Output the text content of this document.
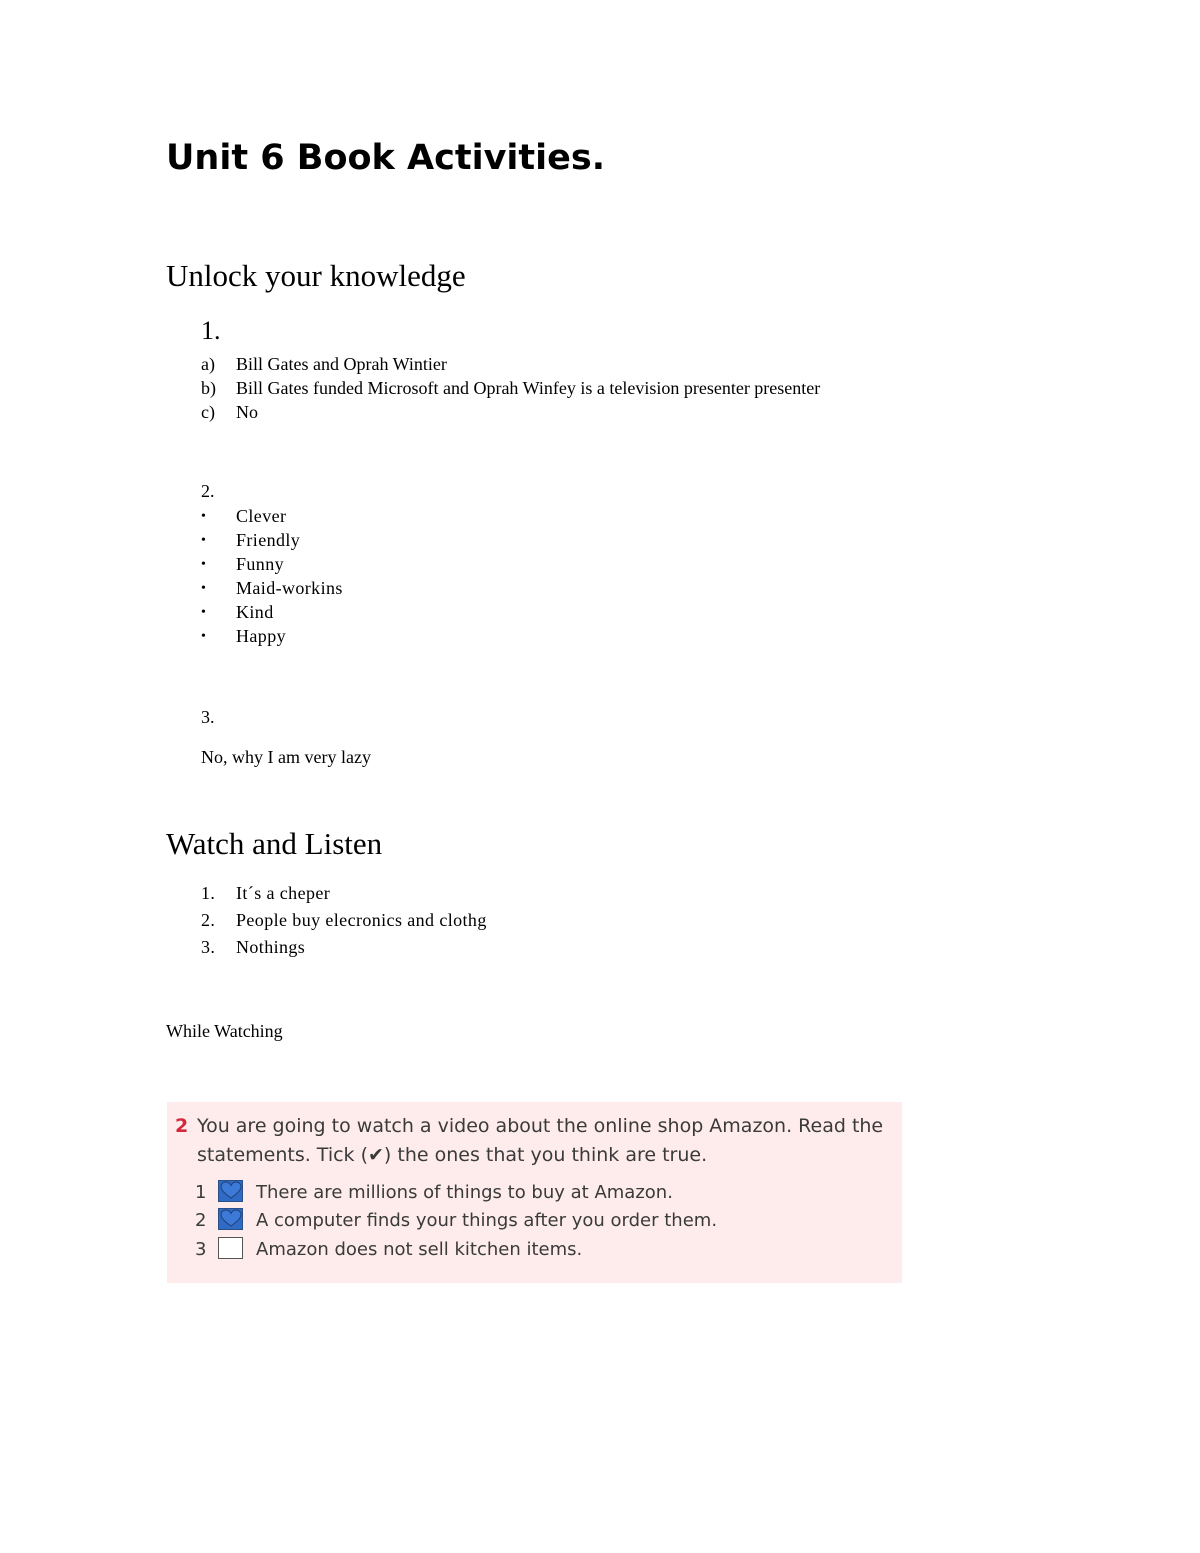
Unit 6 Book Activities.
Unlock your knowledge
1.
a) Bill Gates and Oprah Wintier
b) Bill Gates funded Microsoft and Oprah Winfey is a television presenter presenter
c) No
2.
• Clever
• Friendly
• Funny
• Maid-workins
• Kind
• Happy
3.
No, why I am very lazy
Watch and Listen
1. It´s a cheper
2. People buy elecronics and clothg
3. Nothings
While Watching
2 You are going to watch a video about the online shop Amazon. Read the
statements. Tick (✔) the ones that you think are true.
1	There are millions of things to buy at Amazon.
2	A computer finds your things after you order them.
3	Amazon does not sell kitchen items.
